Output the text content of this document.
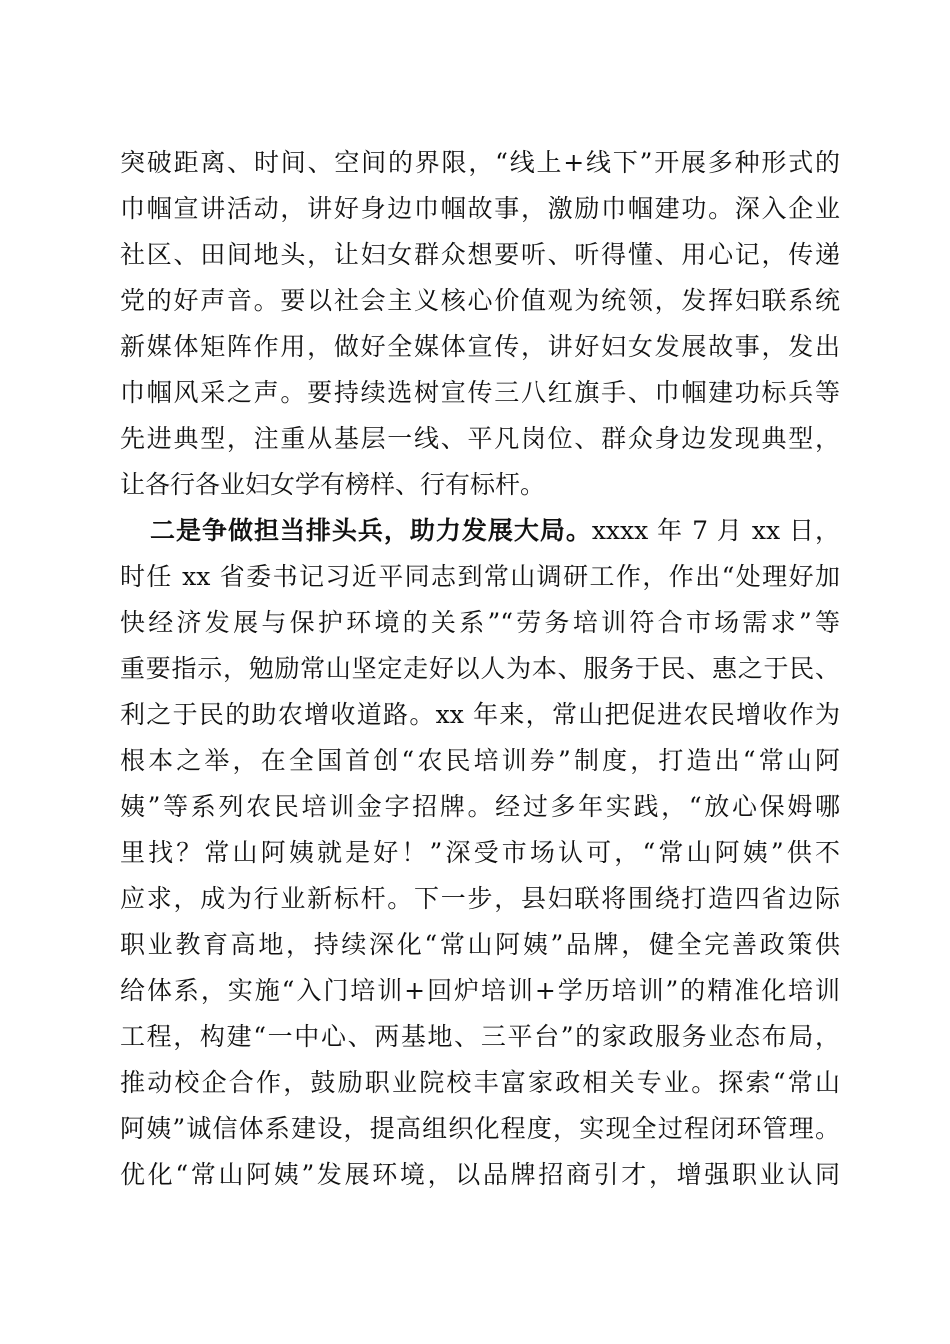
突破距离、时间、空间的界限，“线上+线下”开展多种形式的
巾帼宣讲活动，讲好身边巾帼故事，激励巾帼建功。深入企业
社区、田间地头，让妇女群众想要听、听得懂、用心记，传递
党的好声音。要以社会主义核心价值观为统领，发挥妇联系统
新媒体矩阵作用，做好全媒体宣传，讲好妇女发展故事，发出
巾帼风采之声。要持续选树宣传三八红旗手、巾帼建功标兵等
先进典型，注重从基层一线、平凡岗位、群众身边发现典型，
让各行各业妇女学有榜样、行有标杆。
二是争做担当排头兵，助力发展大局。xxxx 年 7 月 xx 日，
时任 xx 省委书记习近平同志到常山调研工作，作出“处理好加
快经济发展与保护环境的关系”“劳务培训符合市场需求”等
重要指示，勉励常山坚定走好以人为本、服务于民、惠之于民、
利之于民的助农增收道路。xx 年来，常山把促进农民增收作为
根本之举，在全国首创“农民培训券”制度，打造出“常山阿
姨”等系列农民培训金字招牌。经过多年实践，“放心保姆哪
里找？常山阿姨就是好！”深受市场认可，“常山阿姨”供不
应求，成为行业新标杆。下一步，县妇联将围绕打造四省边际
职业教育高地，持续深化“常山阿姨”品牌，健全完善政策供
给体系，实施“入门培训+回炉培训+学历培训”的精准化培训
工程，构建“一中心、两基地、三平台”的家政服务业态布局，
推动校企合作，鼓励职业院校丰富家政相关专业。探索“常山
阿姨”诚信体系建设，提高组织化程度，实现全过程闭环管理。
优化“常山阿姨”发展环境，以品牌招商引才，增强职业认同
